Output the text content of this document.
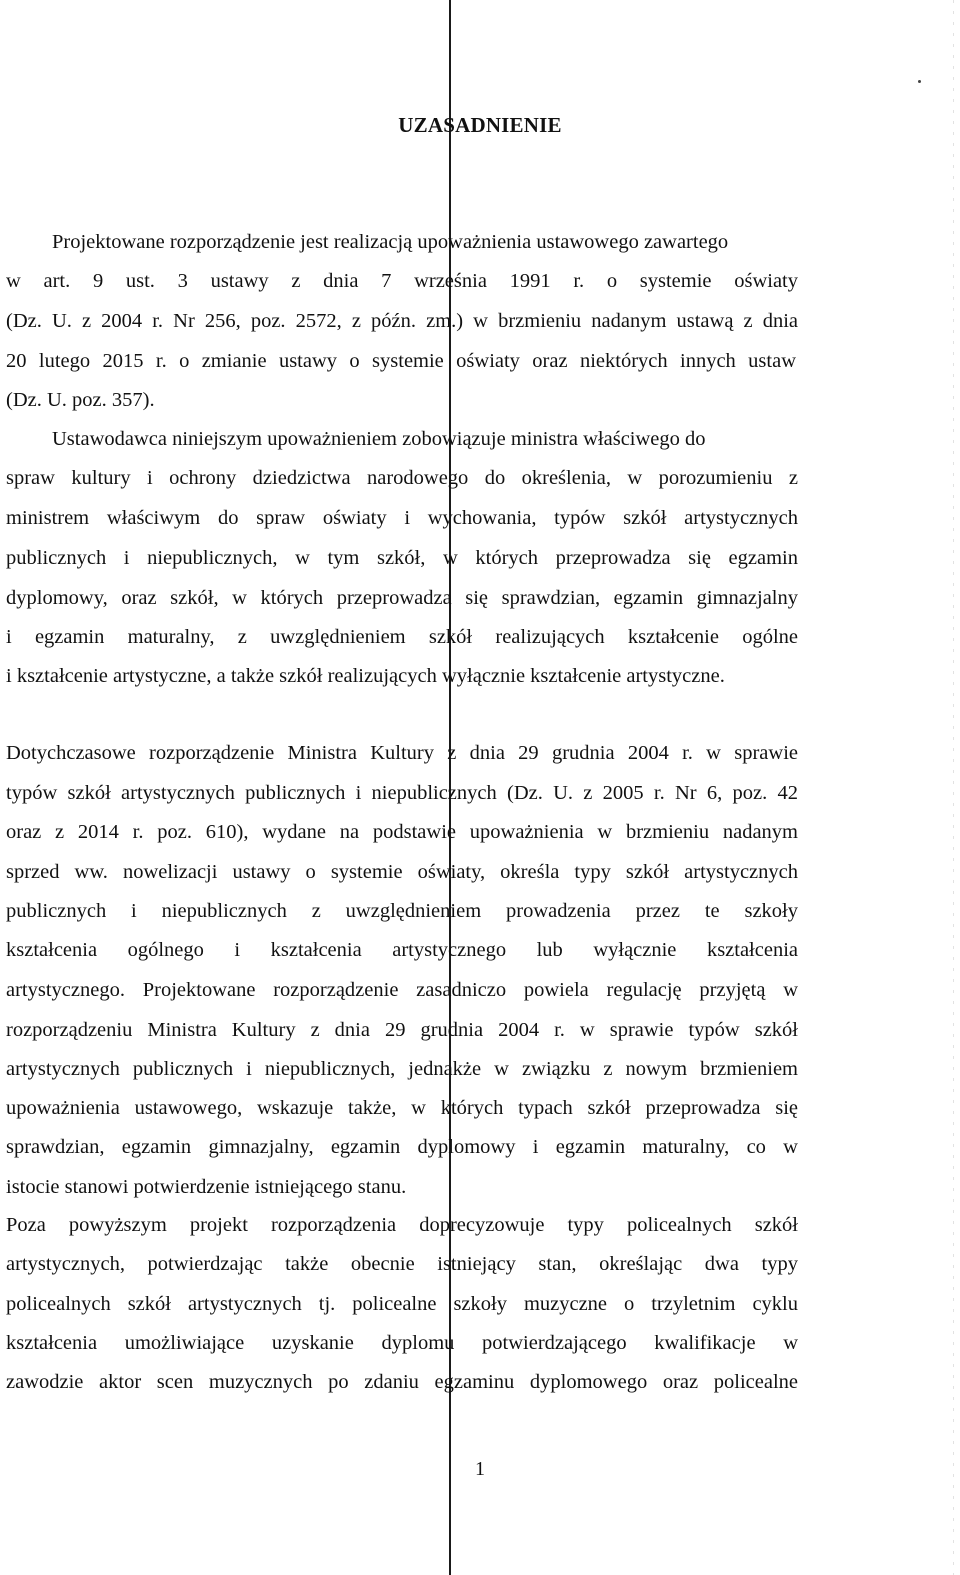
UZASADNIENIE
Projektowane rozporządzenie jest realizacją upoważnienia ustawowego zawartego
w art. 9 ust. 3 ustawy z dnia 7 września 1991 r. o systemie oświaty
(Dz. U. z 2004 r. Nr 256, poz. 2572, z późn. zm.) w brzmieniu nadanym ustawą z dnia
20 lutego 2015 r. o zmianie ustawy o systemie oświaty oraz niektórych innych ustaw
(Dz. U. poz. 357).
Ustawodawca niniejszym upoważnieniem zobowiązuje ministra właściwego do
spraw kultury i ochrony dziedzictwa narodowego do określenia, w porozumieniu z
ministrem właściwym do spraw oświaty i wychowania, typów szkół artystycznych
publicznych i niepublicznych, w tym szkół, w których przeprowadza się egzamin
dyplomowy, oraz szkół, w których przeprowadza się sprawdzian, egzamin gimnazjalny
i egzamin maturalny, z uwzględnieniem szkół realizujących kształcenie ogólne
i kształcenie artystyczne, a także szkół realizujących wyłącznie kształcenie artystyczne.
Dotychczasowe rozporządzenie Ministra Kultury z dnia 29 grudnia 2004 r. w sprawie
typów szkół artystycznych publicznych i niepublicznych (Dz. U. z 2005 r. Nr 6, poz. 42
oraz z 2014 r. poz. 610), wydane na podstawie upoważnienia w brzmieniu nadanym
sprzed ww. nowelizacji ustawy o systemie oświaty, określa typy szkół artystycznych
publicznych i niepublicznych z uwzględnieniem prowadzenia przez te szkoły
kształcenia ogólnego i kształcenia artystycznego lub wyłącznie kształcenia
artystycznego. Projektowane rozporządzenie zasadniczo powiela regulację przyjętą w
rozporządzeniu Ministra Kultury z dnia 29 grudnia 2004 r. w sprawie typów szkół
artystycznych publicznych i niepublicznych, jednakże w związku z nowym brzmieniem
upoważnienia ustawowego, wskazuje także, w których typach szkół przeprowadza się
sprawdzian, egzamin gimnazjalny, egzamin dyplomowy i egzamin maturalny, co w
istocie stanowi potwierdzenie istniejącego stanu.
Poza powyższym projekt rozporządzenia doprecyzowuje typy policealnych szkół
artystycznych, potwierdzając także obecnie istniejący stan, określając dwa typy
policealnych szkół artystycznych tj. policealne szkoły muzyczne o trzyletnim cyklu
kształcenia umożliwiające uzyskanie dyplomu potwierdzającego kwalifikacje w
zawodzie aktor scen muzycznych po zdaniu egzaminu dyplomowego oraz policealne
1
